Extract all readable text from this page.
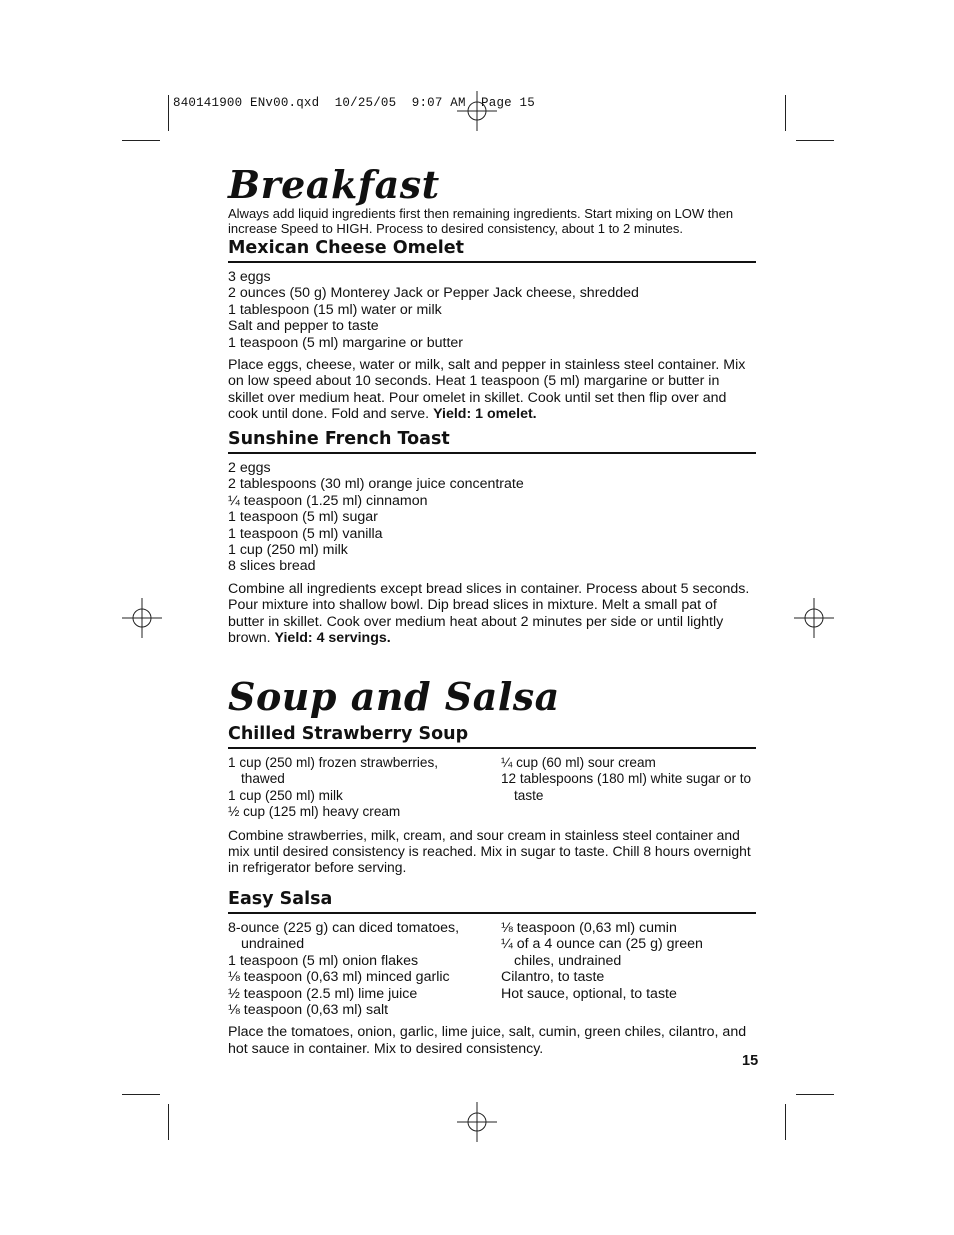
840141900 ENv00.qxd  10/25/05  9:07 AM  Page 15
Breakfast

Always add liquid ingredients first then remaining ingredients. Start mixing on LOW then increase Speed to HIGH. Process to desired consistency, about 1 to 2 minutes.

Mexican Cheese Omelet
3 eggs
2 ounces (50 g) Monterey Jack or Pepper Jack cheese, shredded
1 tablespoon (15 ml) water or milk
Salt and pepper to taste
1 teaspoon (5 ml) margarine or butter

Place eggs, cheese, water or milk, salt and pepper in stainless steel container. Mix on low speed about 10 seconds. Heat 1 teaspoon (5 ml) margarine or butter in skillet over medium heat. Pour omelet in skillet. Cook until set then flip over and cook until done. Fold and serve. Yield: 1 omelet.

Sunshine French Toast
2 eggs
2 tablespoons (30 ml) orange juice concentrate
¼ teaspoon (1.25 ml) cinnamon
1 teaspoon (5 ml) sugar
1 teaspoon (5 ml) vanilla
1 cup (250 ml) milk
8 slices bread

Combine all ingredients except bread slices in container. Process about 5 seconds. Pour mixture into shallow bowl. Dip bread slices in mixture. Melt a small pat of butter in skillet. Cook over medium heat about 2 minutes per side or until lightly brown. Yield: 4 servings.

Soup and Salsa
Chilled Strawberry Soup
1 cup (250 ml) frozen strawberries, thawed
1 cup (250 ml) milk
½ cup (125 ml) heavy cream
¼ cup (60 ml) sour cream
12 tablespoons (180 ml) white sugar or to taste

Combine strawberries, milk, cream, and sour cream in stainless steel container and mix until desired consistency is reached. Mix in sugar to taste. Chill 8 hours overnight in refrigerator before serving.

Easy Salsa
8-ounce (225 g) can diced tomatoes, undrained
1 teaspoon (5 ml) onion flakes
⅛ teaspoon (0,63 ml) minced garlic
½ teaspoon (2.5 ml) lime juice
⅛ teaspoon (0,63 ml) salt
⅛ teaspoon (0,63 ml) cumin
¼ of a 4 ounce can (25 g) green chiles, undrained
Cilantro, to taste
Hot sauce, optional, to taste

Place the tomatoes, onion, garlic, lime juice, salt, cumin, green chiles, cilantro, and hot sauce in container. Mix to desired consistency.

15
